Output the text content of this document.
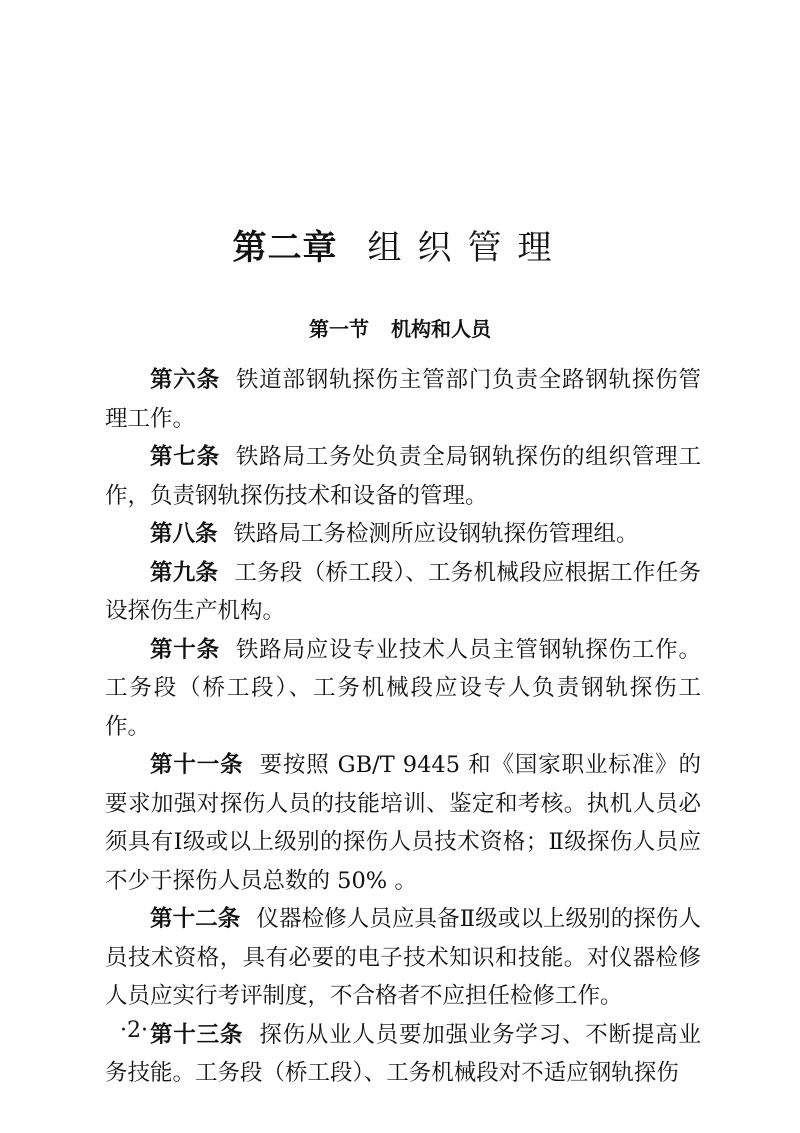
第二章 组织管理
第一节 机构和人员

第六条 铁道部钢轨探伤主管部门负责全路钢轨探伤管理工作。

第七条 铁路局工务处负责全局钢轨探伤的组织管理工作，负责钢轨探伤技术和设备的管理。

第八条 铁路局工务检测所应设钢轨探伤管理组。

第九条 工务段（桥工段）、工务机械段应根据工作任务设探伤生产机构。

第十条 铁路局应设专业技术人员主管钢轨探伤工作。工务段（桥工段）、工务机械段应设专人负责钢轨探伤工作。

第十一条 要按照 GB/T 9445 和《国家职业标准》的要求加强对探伤人员的技能培训、鉴定和考核。执机人员必须具有Ⅰ级或以上级别的探伤人员技术资格；Ⅱ级探伤人员应不少于探伤人员总数的 50% 。

第十二条 仪器检修人员应具备Ⅱ级或以上级别的探伤人员技术资格，具有必要的电子技术知识和技能。对仪器检修人员应实行考评制度，不合格者不应担任检修工作。

第十三条 探伤从业人员要加强业务学习、不断提高业务技能。工务段（桥工段）、工务机械段对不适应钢轨探伤

·2·
